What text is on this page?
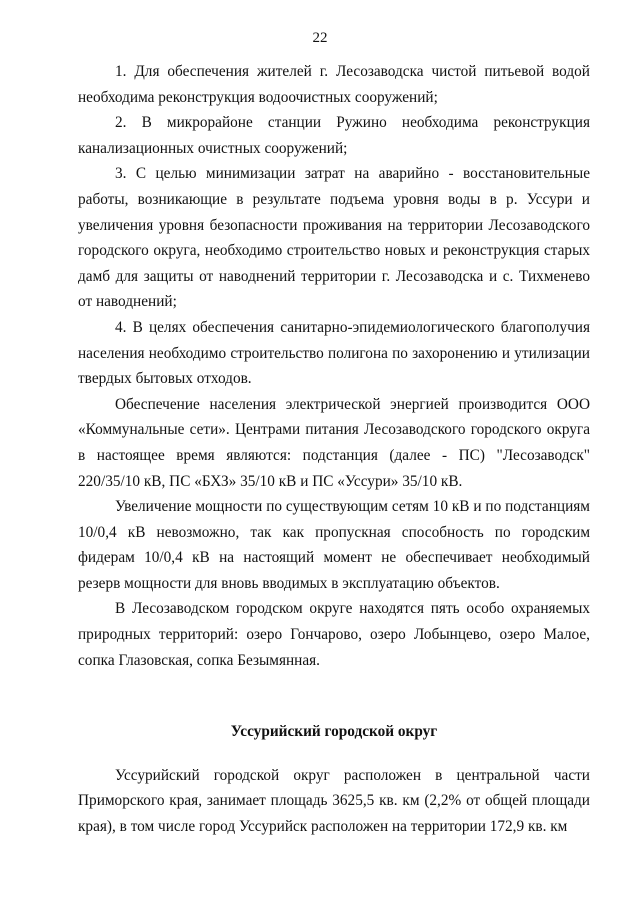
22

1. Для обеспечения жителей г. Лесозаводска чистой питьевой водой необходима реконструкция водоочистных сооружений;

2. В микрорайоне станции Ружино необходима реконструкция канализационных очистных сооружений;

3. С целью минимизации затрат на аварийно - восстановительные работы, возникающие в результате подъема уровня воды в р. Уссури и увеличения уровня безопасности проживания на территории Лесозаводского городского округа, необходимо строительство новых и реконструкция старых дамб для защиты от наводнений территории г. Лесозаводска и с. Тихменево от наводнений;

4. В целях обеспечения санитарно-эпидемиологического благополучия населения необходимо строительство полигона по захоронению и утилизации твердых бытовых отходов.

Обеспечение населения электрической энергией производится ООО «Коммунальные сети». Центрами питания Лесозаводского городского округа в настоящее время являются: подстанция (далее - ПС) "Лесозаводск" 220/35/10 кВ, ПС «БХЗ» 35/10 кВ и ПС «Уссури» 35/10 кВ.

Увеличение мощности по существующим сетям 10 кВ и по подстанциям 10/0,4 кВ невозможно, так как пропускная способность по городским фидерам 10/0,4 кВ на настоящий момент не обеспечивает необходимый резерв мощности для вновь вводимых в эксплуатацию объектов.

В Лесозаводском городском округе находятся пять особо охраняемых природных территорий: озеро Гончарово, озеро Лобынцево, озеро Малое, сопка Глазовская, сопка Безымянная.

Уссурийский городской округ

Уссурийский городской округ расположен в центральной части Приморского края, занимает площадь 3625,5 кв. км (2,2% от общей площади края), в том числе город Уссурийск расположен на территории 172,9 кв. км
